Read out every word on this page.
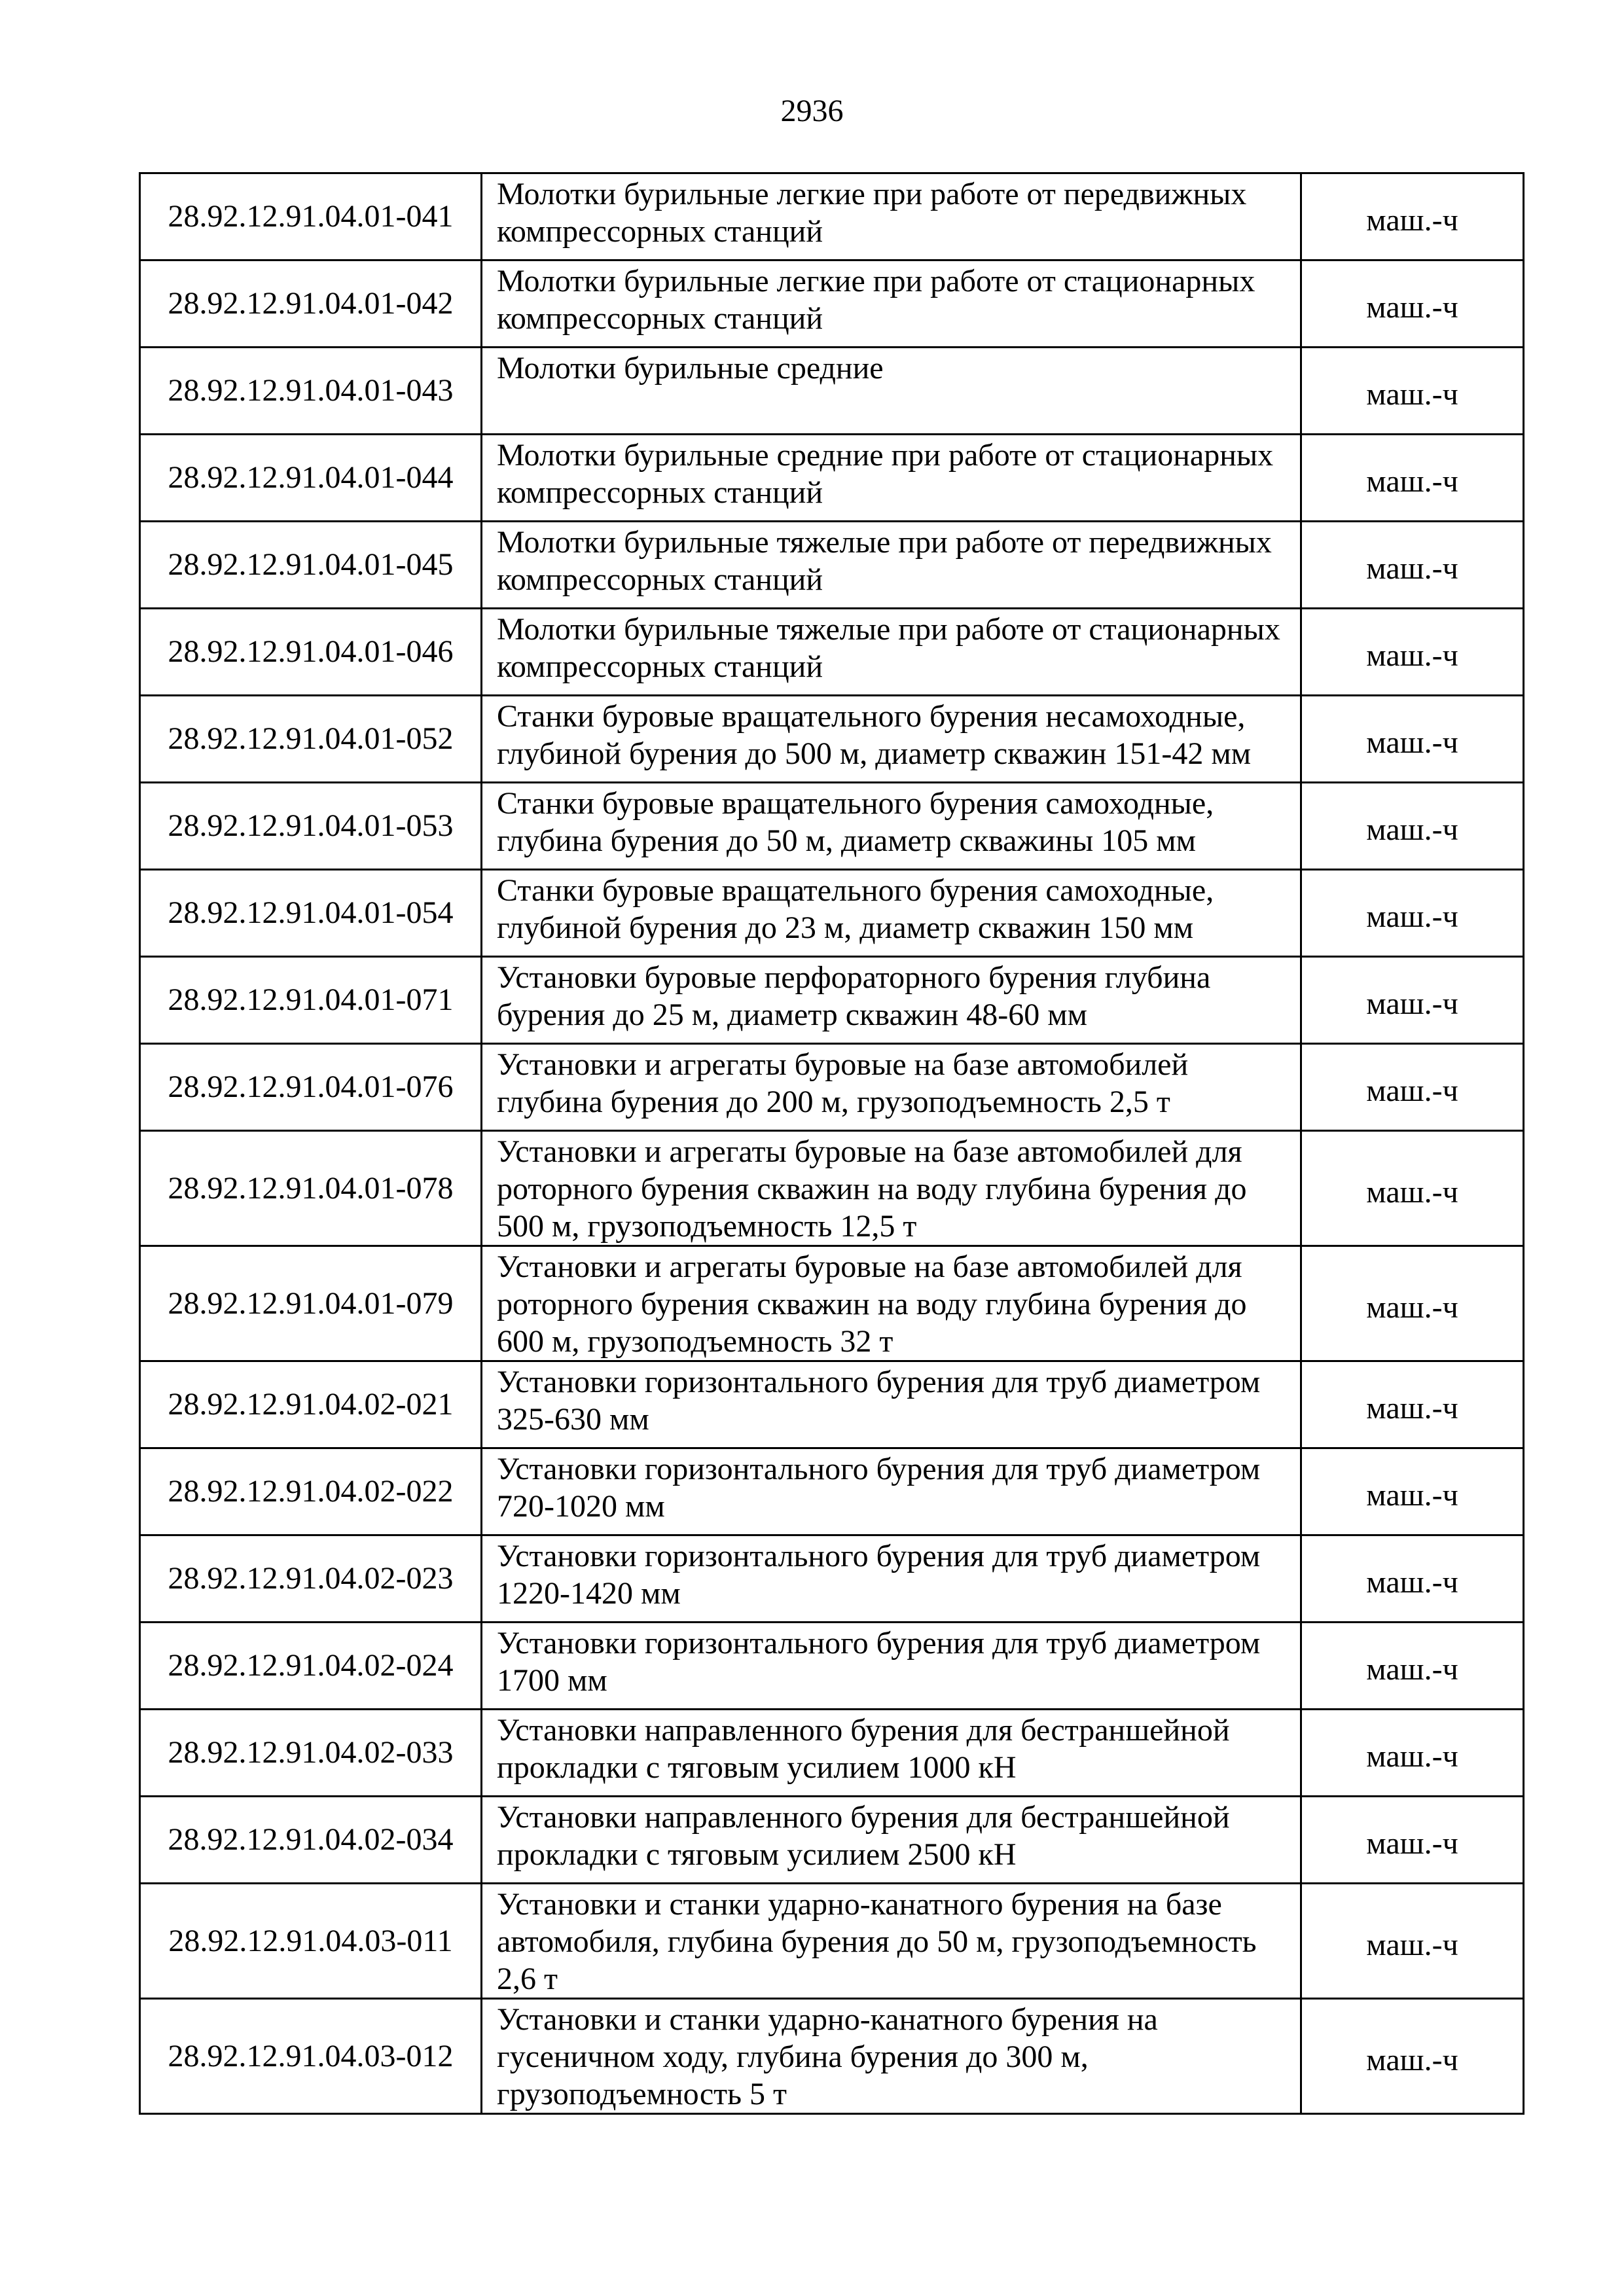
2936
28.92.12.91.04.01-041	Молотки бурильные легкие при работе от передвижных компрессорных станций	маш.-ч
28.92.12.91.04.01-042	Молотки бурильные легкие при работе от стационарных компрессорных станций	маш.-ч
28.92.12.91.04.01-043	Молотки бурильные средние	маш.-ч
28.92.12.91.04.01-044	Молотки бурильные средние при работе от стационарных компрессорных станций	маш.-ч
28.92.12.91.04.01-045	Молотки бурильные тяжелые при работе от передвижных компрессорных станций	маш.-ч
28.92.12.91.04.01-046	Молотки бурильные тяжелые при работе от стационарных компрессорных станций	маш.-ч
28.92.12.91.04.01-052	Станки буровые вращательного бурения несамоходные, глубиной бурения до 500 м, диаметр скважин 151-42 мм	маш.-ч
28.92.12.91.04.01-053	Станки буровые вращательного бурения самоходные, глубина бурения до 50 м, диаметр скважины 105 мм	маш.-ч
28.92.12.91.04.01-054	Станки буровые вращательного бурения самоходные, глубиной бурения до 23 м, диаметр скважин 150 мм	маш.-ч
28.92.12.91.04.01-071	Установки буровые перфораторного бурения глубина бурения до 25 м, диаметр скважин 48-60 мм	маш.-ч
28.92.12.91.04.01-076	Установки и агрегаты буровые на базе автомобилей глубина бурения до 200 м, грузоподъемность 2,5 т	маш.-ч
28.92.12.91.04.01-078	Установки и агрегаты буровые на базе автомобилей для роторного бурения скважин на воду глубина бурения до 500 м, грузоподъемность 12,5 т	маш.-ч
28.92.12.91.04.01-079	Установки и агрегаты буровые на базе автомобилей для роторного бурения скважин на воду глубина бурения до 600 м, грузоподъемность 32 т	маш.-ч
28.92.12.91.04.02-021	Установки горизонтального бурения для труб диаметром 325-630 мм	маш.-ч
28.92.12.91.04.02-022	Установки горизонтального бурения для труб диаметром 720-1020 мм	маш.-ч
28.92.12.91.04.02-023	Установки горизонтального бурения для труб диаметром 1220-1420 мм	маш.-ч
28.92.12.91.04.02-024	Установки горизонтального бурения для труб диаметром 1700 мм	маш.-ч
28.92.12.91.04.02-033	Установки направленного бурения для бестраншейной прокладки с тяговым усилием 1000 кН	маш.-ч
28.92.12.91.04.02-034	Установки направленного бурения для бестраншейной прокладки с тяговым усилием 2500 кН	маш.-ч
28.92.12.91.04.03-011	Установки и станки ударно-канатного бурения на базе автомобиля, глубина бурения до 50 м, грузоподъемность 2,6 т	маш.-ч
28.92.12.91.04.03-012	Установки и станки ударно-канатного бурения на гусеничном ходу, глубина бурения до 300 м, грузоподъемность 5 т	маш.-ч
